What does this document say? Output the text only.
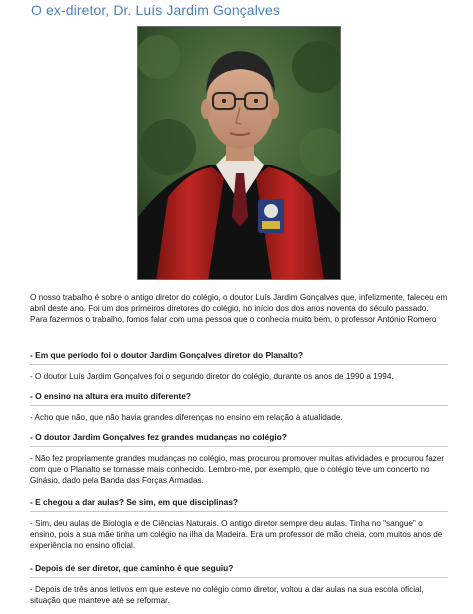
O ex-diretor, Dr. Luís Jardim Gonçalves
O nosso trabalho é sobre o antigo diretor do colégio, o doutor Luís Jardim Gonçalves que, infelizmente, faleceu em abril deste ano. Foi um dos primeiros diretores do colégio, no início dos dos anos noventa do século passado. Para fazermos o trabalho, fomos falar com uma pessoa que o conhecia muito bem, o professor António Romero
- Em que período foi o doutor Jardim Gonçalves diretor do Planalto?
- O doutor Luís Jardim Gonçalves foi o segundo diretor do colégio, durante os anos de 1990 a 1994.
- O ensino na altura era muito diferente?
- Acho que não, que não havia grandes diferenças no ensino em relação à atualidade.
- O doutor Jardim Gonçalves fez grandes mudanças no colégio?
- Não fez propriamente grandes mudanças no colégio, mas procurou promover muitas atividades e procurou fazer com que o Planalto se tornasse mais conhecido. Lembro-me, por exemplo, que o colégio teve um concerto no Ginásio, dado pela Banda das Forças Armadas.
- E chegou a dar aulas? Se sim, em que disciplinas?
- Sim, deu aulas de Biologia e de Ciências Naturais. O antigo diretor sempre deu aulas. Tinha no "sangue" o ensino, pois a sua mãe tinha um colégio na ilha da Madeira. Era um professor de mão cheia, com muitos anos de experiência no ensino oficial.
- Depois de ser diretor, que caminho é que seguiu?
- Depois de três anos letivos em que esteve no colégio como diretor, voltou a dar aulas na sua escola oficial, situação que manteve até se reformar.
